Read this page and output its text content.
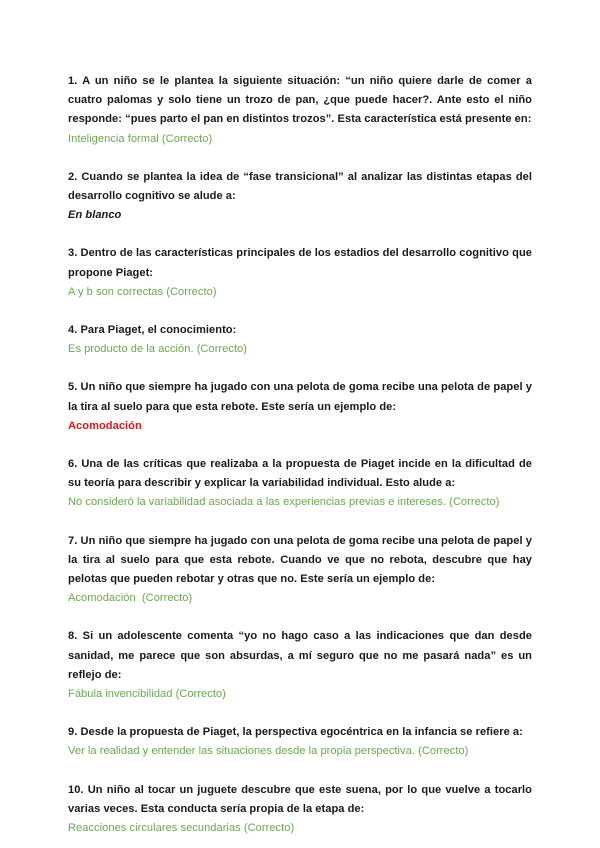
1. A un niño se le plantea la siguiente situación: “un niño quiere darle de comer a cuatro palomas y solo tiene un trozo de pan, ¿que puede hacer?. Ante esto el niño responde: “pues parto el pan en distintos trozos”. Esta característica está presente en:

Inteligencia formal (Correcto)

2. Cuando se plantea la idea de “fase transicional” al analizar las distintas etapas del desarrollo cognitivo se alude a:

En blanco

3. Dentro de las características principales de los estadios del desarrollo cognitivo que propone Piaget:

A y b son correctas (Correcto)

4. Para Piaget, el conocimiento:

Es producto de la acción. (Correcto)

5. Un niño que siempre ha jugado con una pelota de goma recibe una pelota de papel y la tira al suelo para que esta rebote. Este sería un ejemplo de:

Acomodación

6. Una de las críticas que realizaba a la propuesta de Piaget incide en la dificultad de su teoría para describir y explicar la variabilidad individual. Esto alude a:

No consideró la variabilidad asociada a las experiencias previas e intereses. (Correcto)

7. Un niño que siempre ha jugado con una pelota de goma recibe una pelota de papel y la tira al suelo para que esta rebote. Cuando ve que no rebota, descubre que hay pelotas que pueden rebotar y otras que no. Este sería un ejemplo de:

Acomodación  (Correcto)

8. Si un adolescente comenta “yo no hago caso a las indicaciones que dan desde sanidad, me parece que son absurdas, a mí seguro que no me pasará nada” es un reflejo de:

Fábula invencibilidad (Correcto)

9. Desde la propuesta de Piaget, la perspectiva egocéntrica en la infancia se refiere a:

Ver la realidad y entender las situaciones desde la propia perspectiva. (Correcto)

10. Un niño al tocar un juguete descubre que este suena, por lo que vuelve a tocarlo varias veces. Esta conducta sería propia de la etapa de:

Reacciones circulares secundarias (Correcto)
